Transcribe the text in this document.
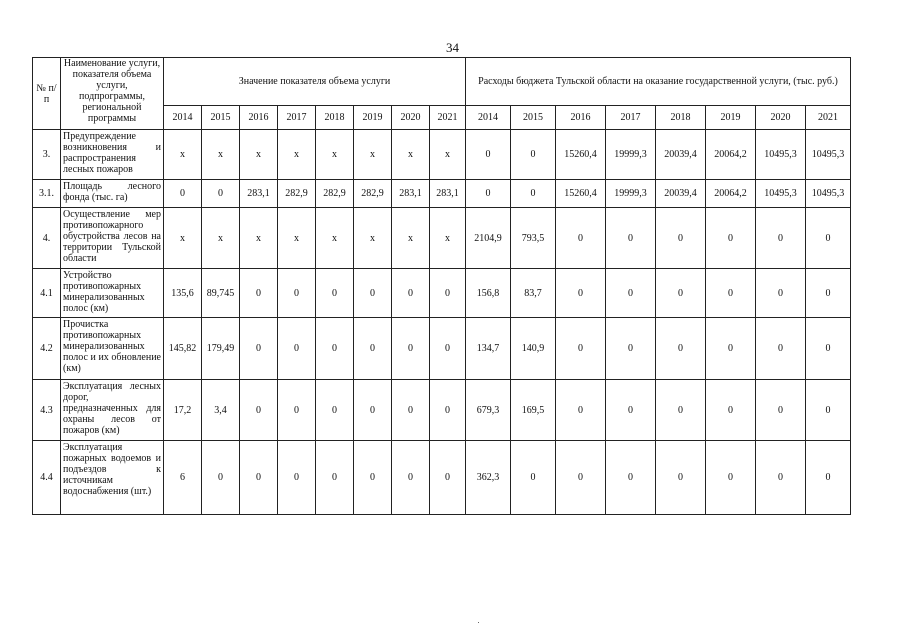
34
№ п/п	Наименование услуги, показателя объема услуги, подпрограммы, региональной программы	Значение показателя объема услуги								Расходы бюджета Тульской области на оказание государственной услуги, (тыс. руб.)							
		2014	2015	2016	2017	2018	2019	2020	2021	2014	2015	2016	2017	2018	2019	2020	2021
3.	Предупреждение возникновения и распространения лесных пожаров	x	x	x	x	x	x	x	x	0	0	15260,4	19999,3	20039,4	20064,2	10495,3	10495,3
3.1.	Площадь лесного фонда (тыс. га)	0	0	283,1	282,9	282,9	282,9	283,1	283,1	0	0	15260,4	19999,3	20039,4	20064,2	10495,3	10495,3
4.	Осуществление мер противопожарного обустройства лесов на территории Тульской области	x	x	x	x	x	x	x	x	2104,9	793,5	0	0	0	0	0	0
4.1	Устройство противопожарных минерализованных полос (км)	135,6	89,745	0	0	0	0	0	0	156,8	83,7	0	0	0	0	0	0
4.2	Прочистка противопожарных минерализованных полос и их обновление (км)	145,82	179,49	0	0	0	0	0	0	134,7	140,9	0	0	0	0	0	0
4.3	Эксплуатация лесных дорог, предназначенных для охраны лесов от пожаров (км)	17,2	3,4	0	0	0	0	0	0	679,3	169,5	0	0	0	0	0	0
4.4	Эксплуатация пожарных водоемов и подъездов к источникам водоснабжения (шт.)	6	0	0	0	0	0	0	0	362,3	0	0	0	0	0	0	0
